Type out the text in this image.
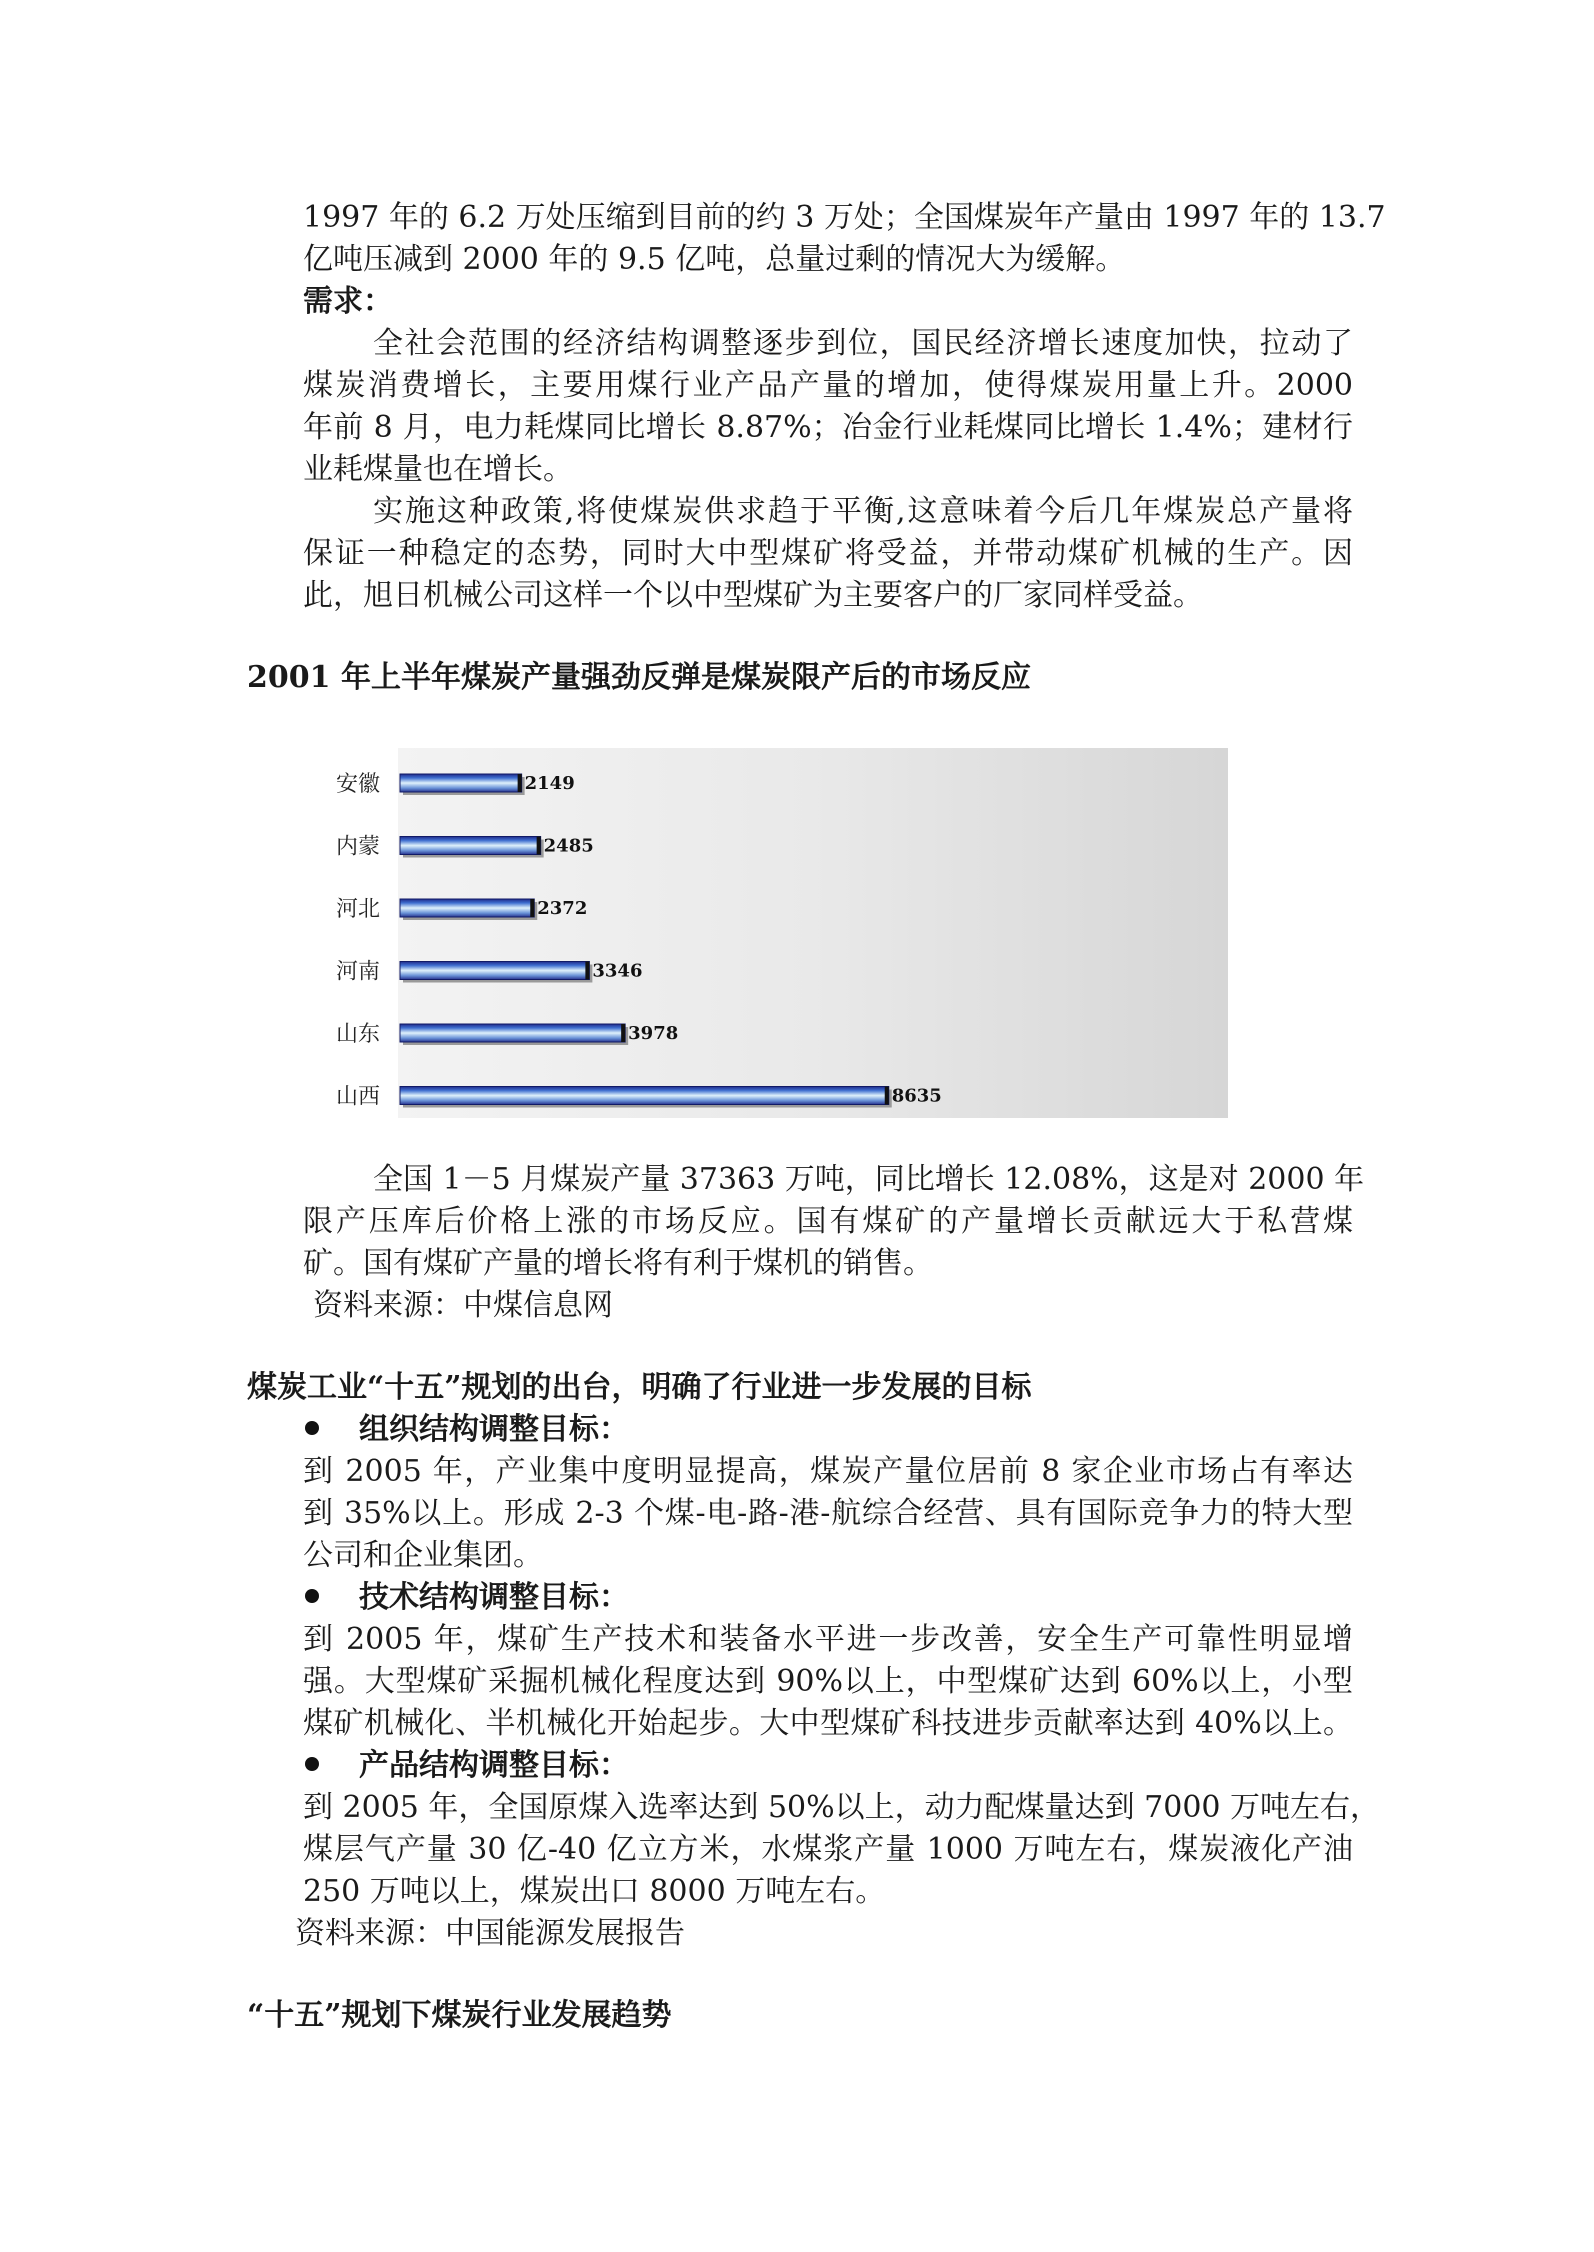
1997 年的 6.2 万处压缩到目前的约 3 万处；全国煤炭年产量由 1997 年的 13.7
亿吨压减到 2000 年的 9.5 亿吨，总量过剩的情况大为缓解。
需求：
全社会范围的经济结构调整逐步到位，国民经济增长速度加快，拉动了
煤炭消费增长，主要用煤行业产品产量的增加，使得煤炭用量上升。2000
年前 8 月，电力耗煤同比增长 8.87%；冶金行业耗煤同比增长 1.4%；建材行
业耗煤量也在增长。
实施这种政策,将使煤炭供求趋于平衡,这意味着今后几年煤炭总产量将
保证一种稳定的态势，同时大中型煤矿将受益，并带动煤矿机械的生产。因
此，旭日机械公司这样一个以中型煤矿为主要客户的厂家同样受益。
2001 年上半年煤炭产量强劲反弹是煤炭限产后的市场反应
安徽	2149
内蒙	2485
河北	2372
河南	3346
山东	3978
山西	8635
全国 1－5 月煤炭产量 37363 万吨，同比增长 12.08%，这是对 2000 年
限产压库后价格上涨的市场反应。国有煤矿的产量增长贡献远大于私营煤
矿。国有煤矿产量的增长将有利于煤机的销售。
资料来源：中煤信息网
煤炭工业“十五”规划的出台，明确了行业进一步发展的目标
组织结构调整目标：
到 2005 年，产业集中度明显提高，煤炭产量位居前 8 家企业市场占有率达
到 35%以上。形成 2-3 个煤-电-路-港-航综合经营、具有国际竞争力的特大型
公司和企业集团。
技术结构调整目标：
到 2005 年，煤矿生产技术和装备水平进一步改善，安全生产可靠性明显增
强。大型煤矿采掘机械化程度达到 90%以上，中型煤矿达到 60%以上，小型
煤矿机械化、半机械化开始起步。大中型煤矿科技进步贡献率达到 40%以上。
产品结构调整目标：
到 2005 年，全国原煤入选率达到 50%以上，动力配煤量达到 7000 万吨左右，
煤层气产量 30 亿-40 亿立方米，水煤浆产量 1000 万吨左右，煤炭液化产油
250 万吨以上，煤炭出口 8000 万吨左右。
资料来源：中国能源发展报告
“十五”规划下煤炭行业发展趋势
